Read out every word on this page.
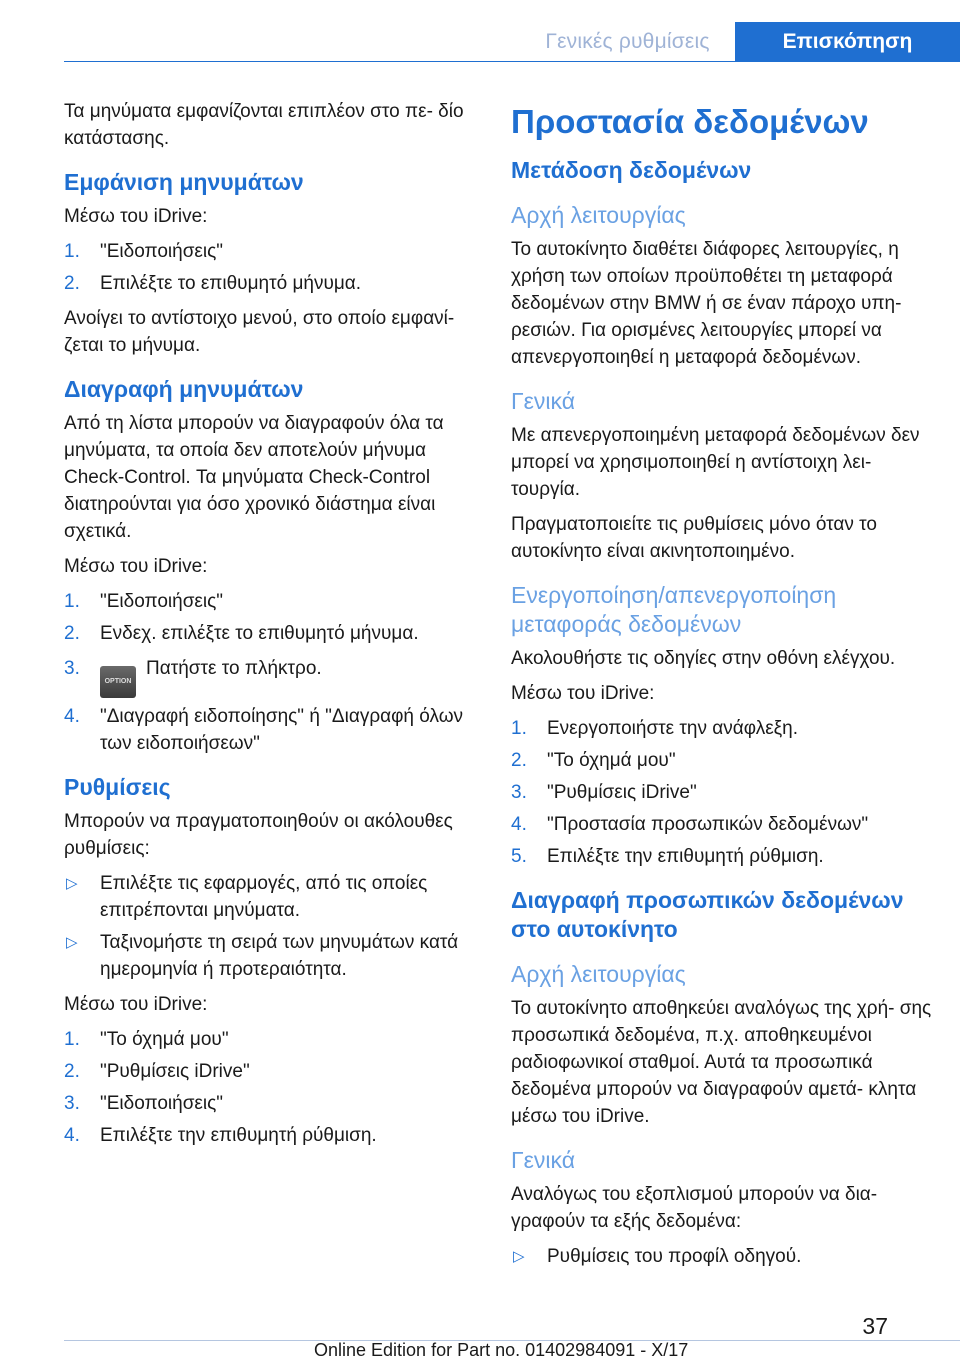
Γενικές ρυθμίσεις	Επισκόπηση

Τα μηνύματα εμφανίζονται επιπλέον στο πε‐ δίο κατάστασης.

Εμφάνιση μηνυμάτων

Μέσω του iDrive:

1. "Ειδοποιήσεις"
2. Επιλέξτε το επιθυμητό μήνυμα.

Ανοίγει το αντίστοιχο μενού, στο οποίο εμφανί‐ ζεται το μήνυμα.

Διαγραφή μηνυμάτων

Από τη λίστα μπορούν να διαγραφούν όλα τα μηνύματα, τα οποία δεν αποτελούν μήνυμα Check-Control. Τα μηνύματα Check-Control διατηρούνται για όσο χρονικό διάστημα είναι σχετικά.

Μέσω του iDrive:

1. "Ειδοποιήσεις"
2. Ενδεχ. επιλέξτε το επιθυμητό μήνυμα.
3.
OPTIONΠατήστε το πλήκτρο.
4. "Διαγραφή ειδοποίησης" ή "Διαγραφή όλων των ειδοποιήσεων"
Ρυθμίσεις

Μπορούν να πραγματοποιηθούν οι ακόλουθες ρυθμίσεις:

▷ Επιλέξτε τις εφαρμογές, από τις οποίες επιτρέπονται μηνύματα.
▷ Ταξινομήστε τη σειρά των μηνυμάτων κατά ημερομηνία ή προτεραιότητα.

Μέσω του iDrive:

1. "Το όχημά μου"
2. "Ρυθμίσεις iDrive"
3. "Ειδοποιήσεις"
4. Επιλέξτε την επιθυμητή ρύθμιση.
Προστασία δεδομένων
Μετάδοση δεδομένων
Αρχή λειτουργίας

Το αυτοκίνητο διαθέτει διάφορες λειτουργίες, η χρήση των οποίων προϋποθέτει τη μεταφορά δεδομένων στην BMW ή σε έναν πάροχο υπη‐ ρεσιών. Για ορισμένες λειτουργίες μπορεί να απενεργοποιηθεί η μεταφορά δεδομένων.

Γενικά

Με απενεργοποιημένη μεταφορά δεδομένων δεν μπορεί να χρησιμοποιηθεί η αντίστοιχη λει‐ τουργία.

Πραγματοποιείτε τις ρυθμίσεις μόνο όταν το αυτοκίνητο είναι ακινητοποιημένο.

Ενεργοποίηση/απενεργοποίηση μεταφοράς δεδομένων

Ακολουθήστε τις οδηγίες στην οθόνη ελέγχου.

Μέσω του iDrive:

1. Ενεργοποιήστε την ανάφλεξη.
2. "Το όχημά μου"
3. "Ρυθμίσεις iDrive"
4. "Προστασία προσωπικών δεδομένων"
5. Επιλέξτε την επιθυμητή ρύθμιση.
Διαγραφή προσωπικών δεδομένων στο αυτοκίνητο
Αρχή λειτουργίας

Το αυτοκίνητο αποθηκεύει αναλόγως της χρή‐ σης προσωπικά δεδομένα, π.χ. αποθηκευμένοι ραδιοφωνικοί σταθμοί. Αυτά τα προσωπικά δεδομένα μπορούν να διαγραφούν αμετά‐ κλητα μέσω του iDrive.

Γενικά

Αναλόγως του εξοπλισμού μπορούν να δια‐ γραφούν τα εξής δεδομένα:

▷ Ρυθμίσεις του προφίλ οδηγού.
37
Online Edition for Part no. 01402984091 - X/17
